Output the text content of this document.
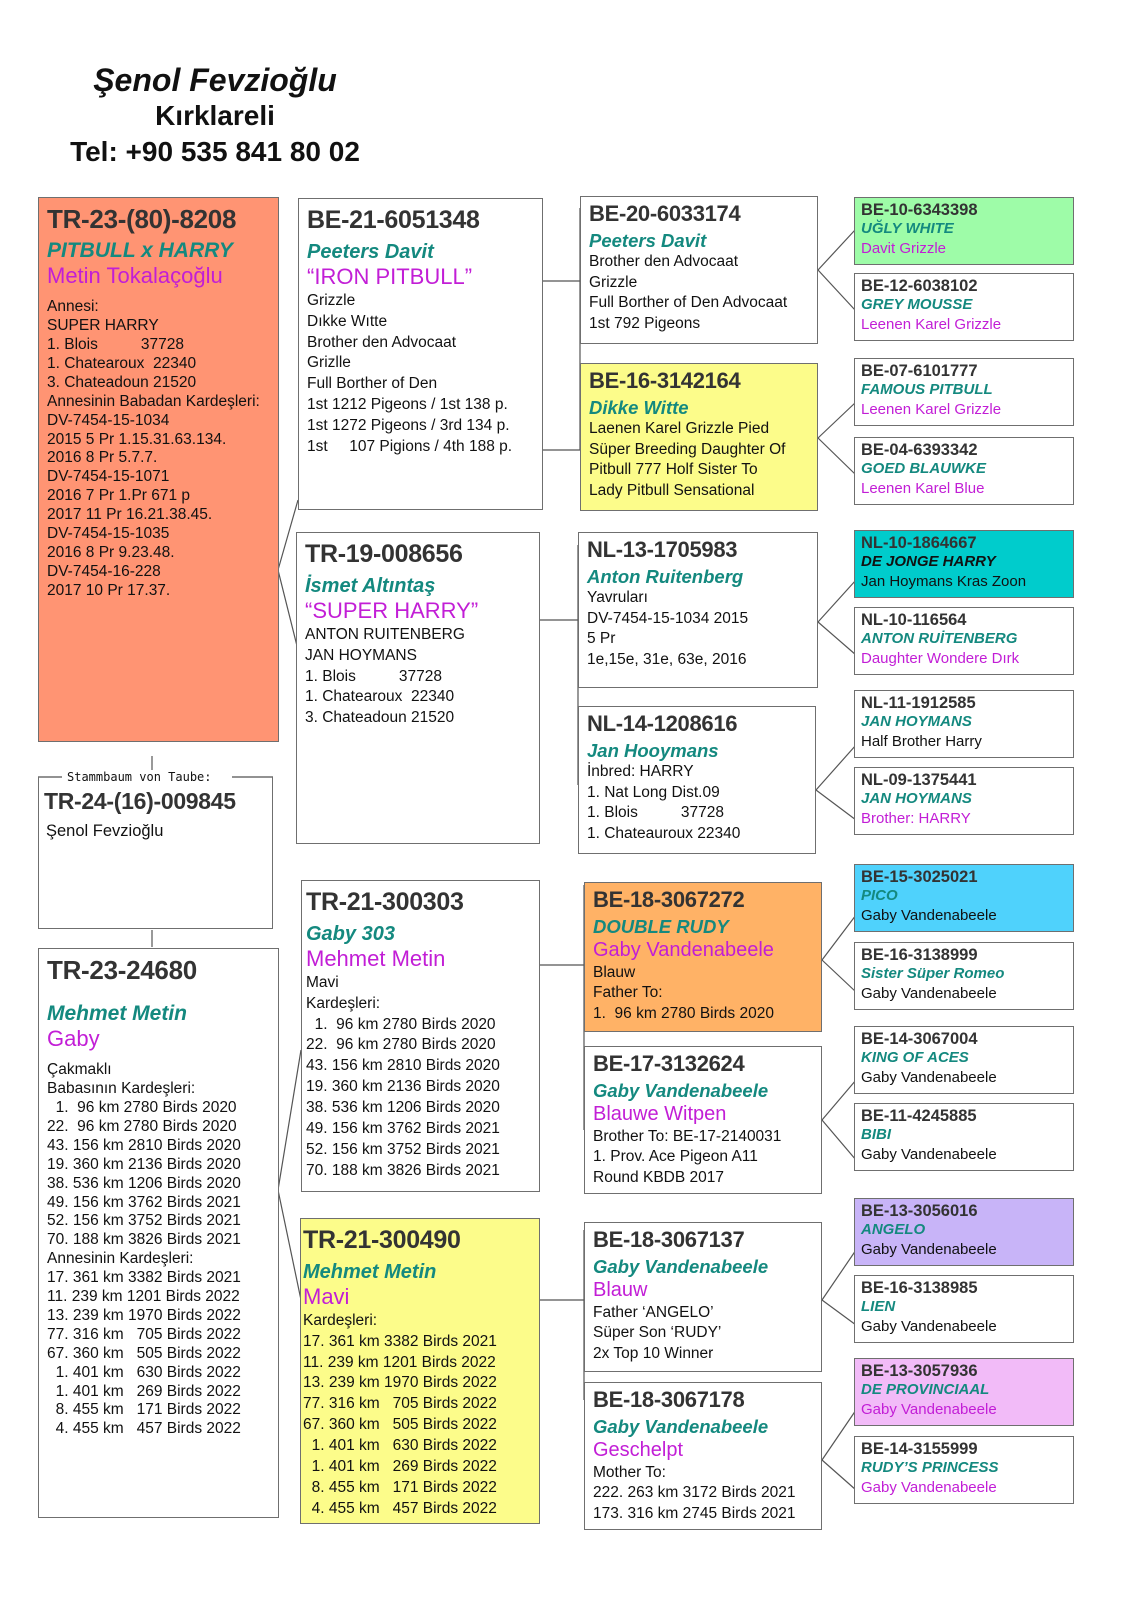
Şenol Fevzioğlu
Kırklareli
Tel: +90 535 841 80 02
TR-23-(80)-8208
PITBULL x HARRY
Metin Tokalaçoğlu
Annesi:
SUPER HARRY
1. Blois          37728
1. Chatearoux  22340
3. Chateadoun 21520
Annesinin Babadan Kardeşleri:
DV-7454-15-1034
2015 5 Pr 1.15.31.63.134.
2016 8 Pr 5.7.7.
DV-7454-15-1071
2016 7 Pr 1.Pr 671 p
2017 11 Pr 16.21.38.45.
DV-7454-15-1035
2016 8 Pr 9.23.48.
DV-7454-16-228
2017 10 Pr 17.37.
Stammbaum von Taube:
TR-24-(16)-009845
Şenol Fevzioğlu
TR-23-24680
Mehmet Metin
Gaby
Çakmaklı
Babasının Kardeşleri:
1.  96 km 2780 Birds 2020
22.  96 km 2780 Birds 2020
43. 156 km 2810 Birds 2020
19. 360 km 2136 Birds 2020
38. 536 km 1206 Birds 2020
49. 156 km 3762 Birds 2021
52. 156 km 3752 Birds 2021
70. 188 km 3826 Birds 2021
Annesinin Kardeşleri:
17. 361 km 3382 Birds 2021
11. 239 km 1201 Birds 2022
13. 239 km 1970 Birds 2022
77. 316 km   705 Birds 2022
67. 360 km   505 Birds 2022
1. 401 km   630 Birds 2022
1. 401 km   269 Birds 2022
8. 455 km   171 Birds 2022
4. 455 km   457 Birds 2022
BE-21-6051348
Peeters Davit
“IRON PITBULL”
Grizzle
Dıkke Wıtte
Brother den Advocaat
Grizlle
Full Borther of Den
1st 1212 Pigeons / 1st 138 p.
1st 1272 Pigeons / 3rd 134 p.
1st     107 Pigions / 4th 188 p.
TR-19-008656
İsmet Altıntaş
“SUPER HARRY”
ANTON RUITENBERG
JAN HOYMANS
1. Blois          37728
1. Chatearoux  22340
3. Chateadoun 21520
TR-21-300303
Gaby 303
Mehmet Metin
Mavi
Kardeşleri:
1.  96 km 2780 Birds 2020
22.  96 km 2780 Birds 2020
43. 156 km 2810 Birds 2020
19. 360 km 2136 Birds 2020
38. 536 km 1206 Birds 2020
49. 156 km 3762 Birds 2021
52. 156 km 3752 Birds 2021
70. 188 km 3826 Birds 2021
TR-21-300490
Mehmet Metin
Mavi
Kardeşleri:
17. 361 km 3382 Birds 2021
11. 239 km 1201 Birds 2022
13. 239 km 1970 Birds 2022
77. 316 km   705 Birds 2022
67. 360 km   505 Birds 2022
1. 401 km   630 Birds 2022
1. 401 km   269 Birds 2022
8. 455 km   171 Birds 2022
4. 455 km   457 Birds 2022
BE-20-6033174
Peeters Davit
Brother den Advocaat
Grizzle
Full Borther of Den Advocaat
1st 792 Pigeons
BE-16-3142164
Dikke Witte
Laenen Karel Grizzle Pied
Süper Breeding Daughter Of
Pitbull 777 Holf Sister To
Lady Pitbull Sensational
NL-13-1705983
Anton Ruitenberg
Yavruları
DV-7454-15-1034 2015
5 Pr
1e,15e, 31e, 63e, 2016
NL-14-1208616
Jan Hooymans
İnbred: HARRY
1. Nat Long Dist.09
1. Blois          37728
1. Chateauroux 22340
BE-18-3067272
DOUBLE RUDY
Gaby Vandenabeele
Blauw
Father To:
1.  96 km 2780 Birds 2020
BE-17-3132624
Gaby Vandenabeele
Blauwe Witpen
Brother To: BE-17-2140031
1. Prov. Ace Pigeon A11
Round KBDB 2017
BE-18-3067137
Gaby Vandenabeele
Blauw
Father ‘ANGELO’
Süper Son ‘RUDY’
2x Top 10 Winner
BE-18-3067178
Gaby Vandenabeele
Geschelpt
Mother To:
222. 263 km 3172 Birds 2021
173. 316 km 2745 Birds 2021
BE-10-6343398
UĞLY WHITE
Davit Grizzle
BE-12-6038102
GREY MOUSSE
Leenen Karel Grizzle
BE-07-6101777
FAMOUS PITBULL
Leenen Karel Grizzle
BE-04-6393342
GOED BLAUWKE
Leenen Karel Blue
NL-10-1864667
DE JONGE HARRY
Jan Hoymans Kras Zoon
NL-10-116564
ANTON RUİTENBERG
Daughter Wondere Dırk
NL-11-1912585
JAN HOYMANS
Half Brother Harry
NL-09-1375441
JAN HOYMANS
Brother: HARRY
BE-15-3025021
PICO
Gaby Vandenabeele
BE-16-3138999
Sister Süper Romeo
Gaby Vandenabeele
BE-14-3067004
KING OF ACES
Gaby Vandenabeele
BE-11-4245885
BIBI
Gaby Vandenabeele
BE-13-3056016
ANGELO
Gaby Vandenabeele
BE-16-3138985
LIEN
Gaby Vandenabeele
BE-13-3057936
DE PROVINCIAAL
Gaby Vandenabeele
BE-14-3155999
RUDY’S PRINCESS
Gaby Vandenabeele
